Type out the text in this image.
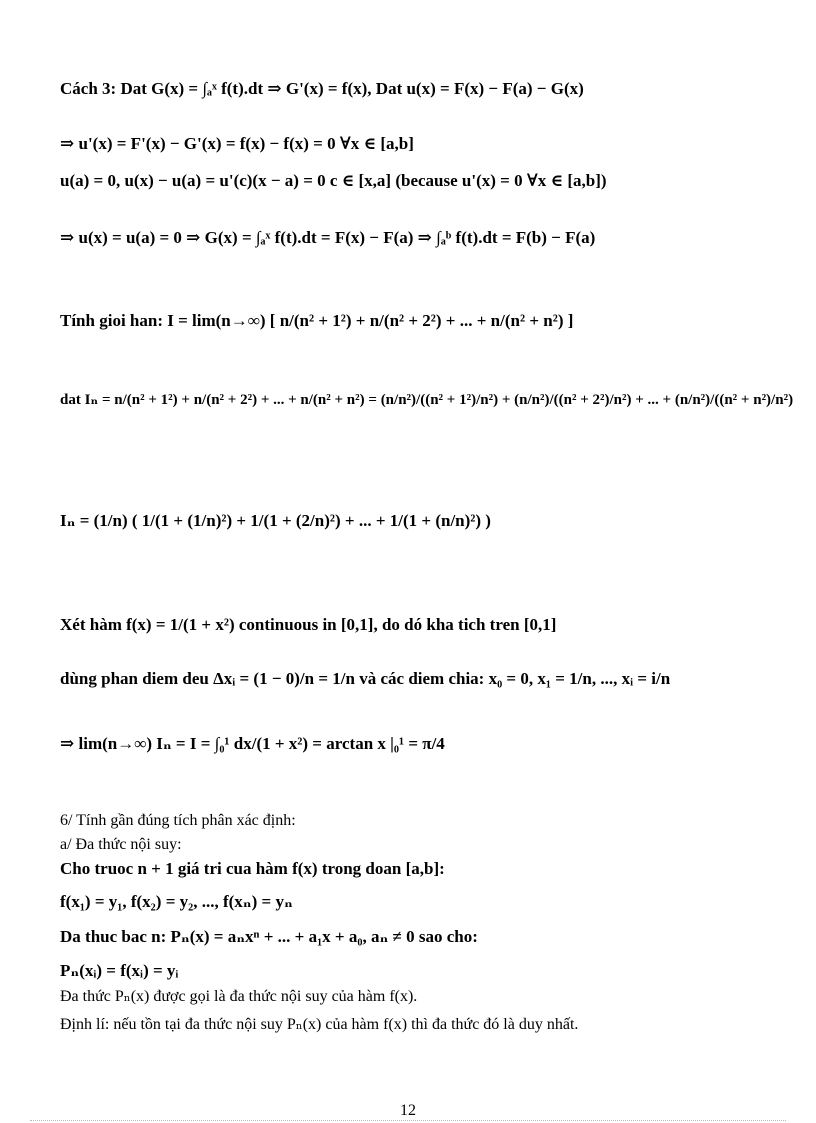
Cách 3: Dat G(x) = ∫ₐˣ f(t).dt ⇒ G'(x) = f(x), Dat u(x) = F(x) − F(a) − G(x)
⇒ u'(x) = F'(x) − G'(x) = f(x) − f(x) = 0 ∀x ∈ [a,b]
u(a) = 0, u(x) − u(a) = u'(c)(x − a) = 0 c ∈ [x,a] (because u'(x) = 0 ∀x ∈ [a,b])
⇒ u(x) = u(a) = 0 ⇒ G(x) = ∫ₐˣ f(t).dt = F(x) − F(a) ⇒ ∫ₐᵇ f(t).dt = F(b) − F(a)
Tính gioi han: I = lim(n→∞) [ n/(n² + 1²) + n/(n² + 2²) + ... + n/(n² + n²) ]
dat Iₙ = n/(n² + 1²) + n/(n² + 2²) + ... + n/(n² + n²) = (n/n²)/((n² + 1²)/n²) + (n/n²)/((n² + 2²)/n²) + ... + (n/n²)/((n² + n²)/n²)
Iₙ = (1/n) ( 1/(1 + (1/n)²) + 1/(1 + (2/n)²) + ... + 1/(1 + (n/n)²) )
Xét hàm f(x) = 1/(1 + x²) continuous in [0,1], do dó kha tich tren [0,1]
dùng phan diem deu Δxᵢ = (1 − 0)/n = 1/n và các diem chia: x₀ = 0, x₁ = 1/n, ..., xᵢ = i/n
⇒ lim(n→∞) Iₙ = I = ∫₀¹ dx/(1 + x²) = arctan x |₀¹ = π/4
6/ Tính gần đúng tích phân xác định:
a/ Đa thức nội suy:
Cho truoc n + 1 giá tri cua hàm f(x) trong doan [a,b]:
f(x₁) = y₁, f(x₂) = y₂, ..., f(xₙ) = yₙ
Da thuc bac n: Pₙ(x) = aₙxⁿ + ... + a₁x + a₀, aₙ ≠ 0 sao cho:
Pₙ(xᵢ) = f(xᵢ) = yᵢ
Đa thức Pₙ(x) được gọi là đa thức nội suy của hàm f(x).
Định lí: nếu tồn tại đa thức nội suy Pₙ(x) của hàm f(x) thì đa thức đó là duy nhất.
12
